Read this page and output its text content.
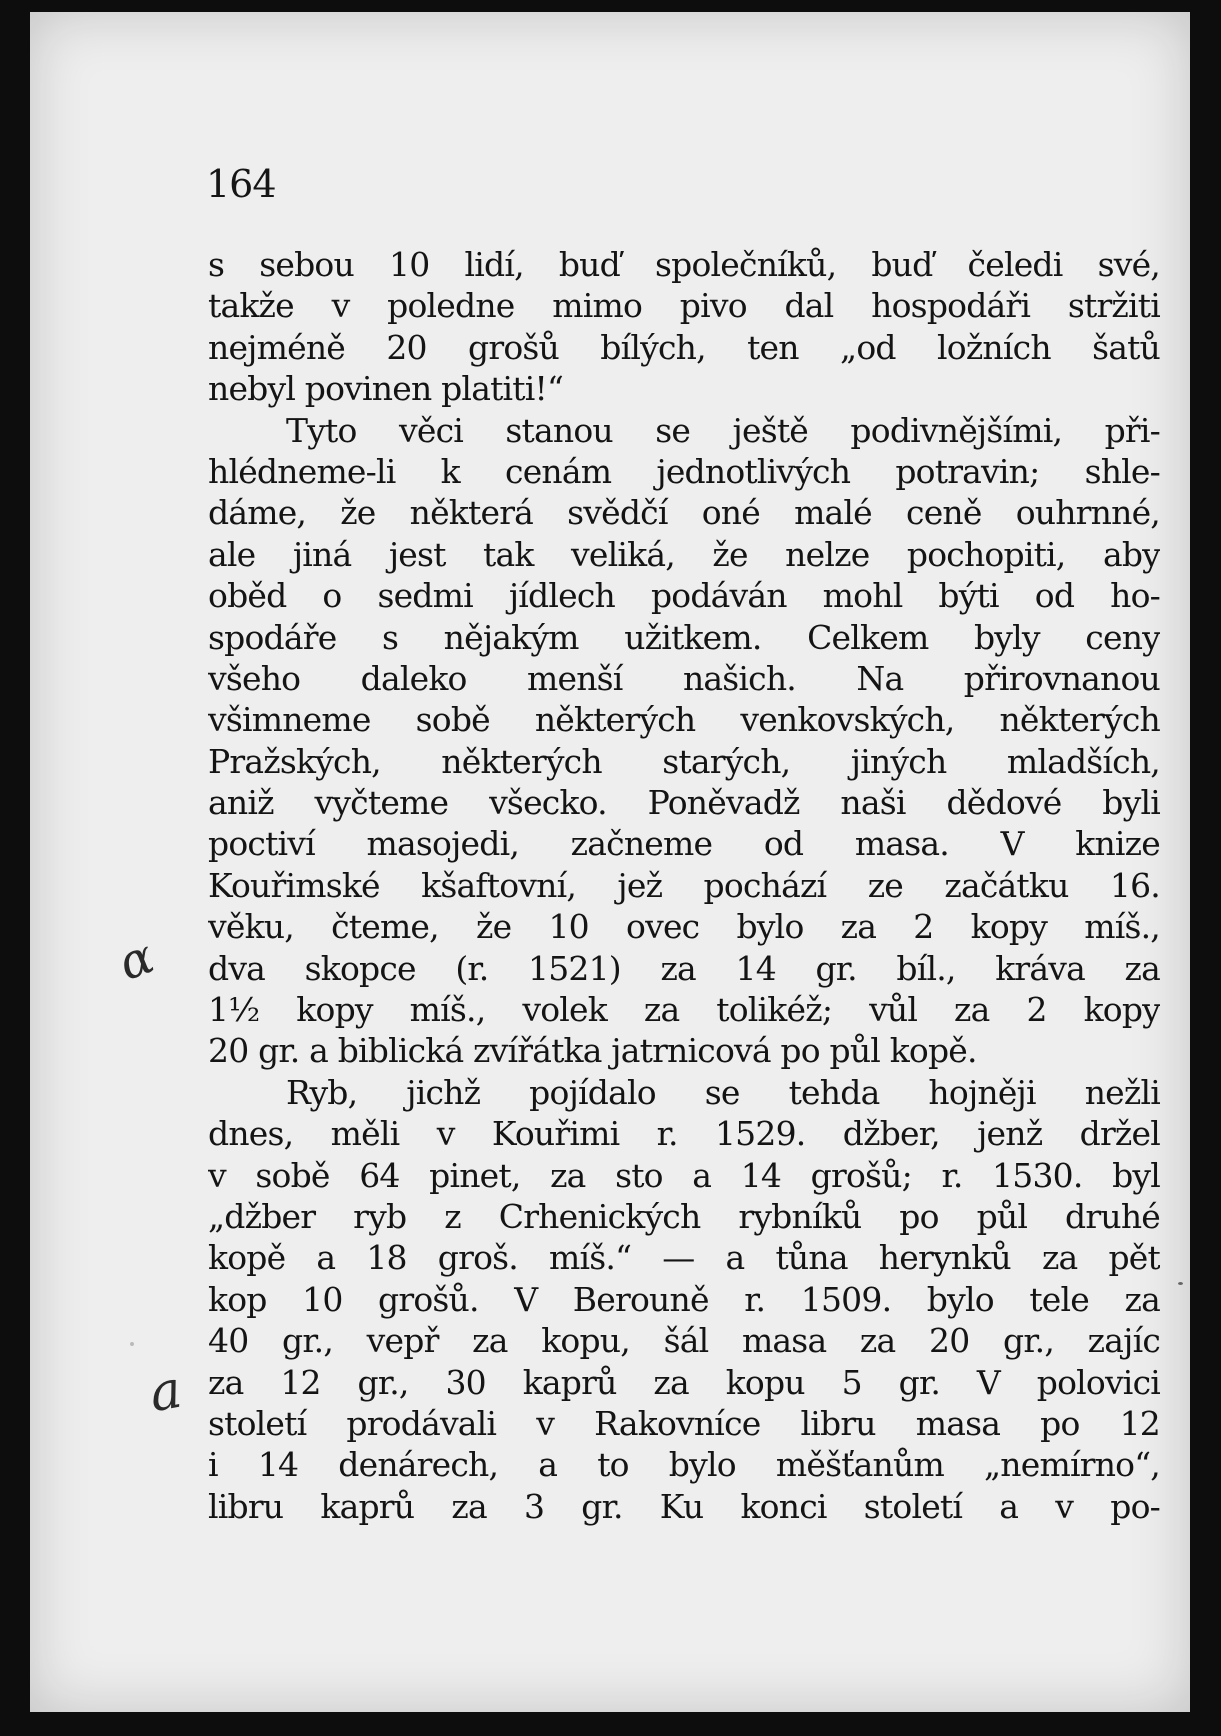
164
s sebou 10 lidí, buď společníků, buď čeledi své,
takže v poledne mimo pivo dal hospodáři stržiti
nejméně 20 grošů bílých, ten „od ložních šatů
nebyl povinen platiti!“
Tyto věci stanou se ještě podivnějšími, při-
hlédneme-li k cenám jednotlivých potravin; shle-
dáme, že některá svědčí oné malé ceně ouhrnné,
ale jiná jest tak veliká, že nelze pochopiti, aby
oběd o sedmi jídlech podáván mohl býti od ho-
spodáře s nějakým užitkem. Celkem byly ceny
všeho daleko menší našich. Na přirovnanou
všimneme sobě některých venkovských, některých
Pražských, některých starých, jiných mladších,
aniž vyčteme všecko. Poněvadž naši dědové byli
poctiví masojedi, začneme od masa. V knize
Kouřimské kšaftovní, jež pochází ze začátku 16.
věku, čteme, že 10 ovec bylo za 2 kopy míš.,
dva skopce (r. 1521) za 14 gr. bíl., kráva za
1½ kopy míš., volek za tolikéž; vůl za 2 kopy
20 gr. a biblická zvířátka jatrnicová po půl kopě.
Ryb, jichž pojídalo se tehda hojněji nežli
dnes, měli v Kouřimi r. 1529. džber, jenž držel
v sobě 64 pinet, za sto a 14 grošů; r. 1530. byl
„džber ryb z Crhenických rybníků po půl druhé
kopě a 18 groš. míš.“ — a tůna herynků za pět
kop 10 grošů. V Berouně r. 1509. bylo tele za
40 gr., vepř za kopu, šál masa za 20 gr., zajíc
za 12 gr., 30 kaprů za kopu 5 gr. V polovici
století prodávali v Rakovníce libru masa po 12
i 14 denárech, a to bylo měšťanům „nemírno“,
libru kaprů za 3 gr. Ku konci století a v po-
α
a
